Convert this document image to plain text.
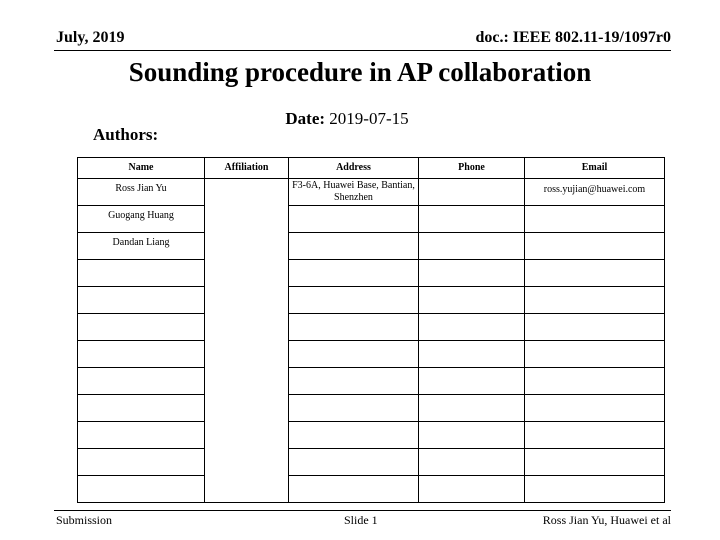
July, 2019	doc.: IEEE 802.11-19/1097r0
Sounding procedure in AP collaboration
Date: 2019-07-15
Authors:
Name	Affiliation	Address	Phone	Email
Ross Jian Yu		F3-6A, Huawei Base, Bantian, Shenzhen		ross.yujian@huawei.com
Guogang Huang				
Dandan Liang				

Submission	Slide 1	Ross Jian Yu, Huawei et al
